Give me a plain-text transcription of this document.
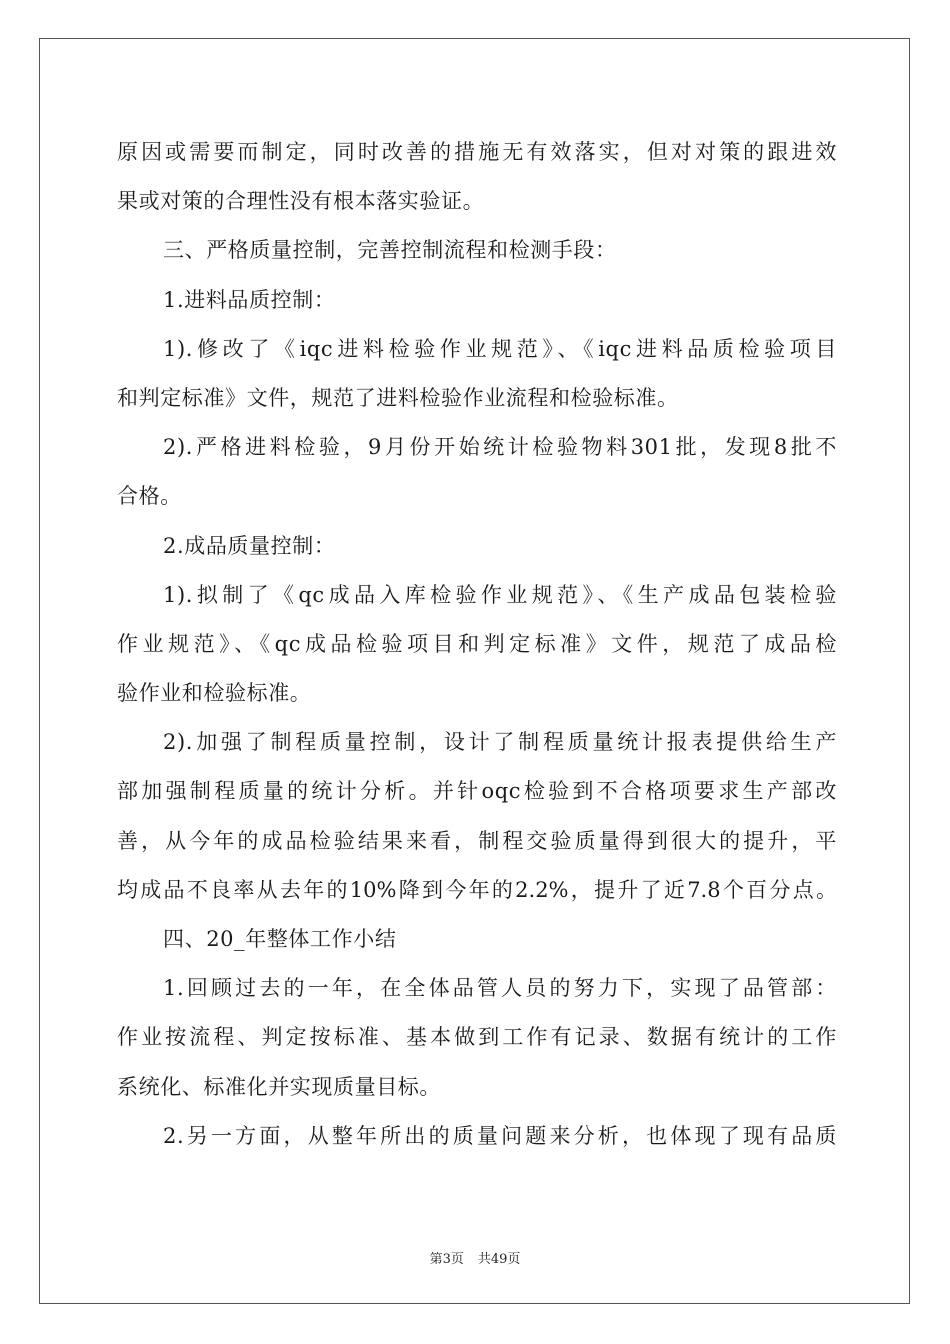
原因或需要而制定，同时改善的措施无有效落实，但对对策的跟进效
果或对策的合理性没有根本落实验证。
三、严格质量控制，完善控制流程和检测手段：
1.进料品质控制：
1).修改了《iqc进料检验作业规范》、《iqc进料品质检验项目
和判定标准》文件，规范了进料检验作业流程和检验标准。
2).严格进料检验，9月份开始统计检验物料301批，发现8批不
合格。
2.成品质量控制：
1).拟制了《qc成品入库检验作业规范》、《生产成品包装检验
作业规范》、《qc成品检验项目和判定标准》文件，规范了成品检
验作业和检验标准。
2).加强了制程质量控制，设计了制程质量统计报表提供给生产
部加强制程质量的统计分析。并针oqc检验到不合格项要求生产部改
善，从今年的成品检验结果来看，制程交验质量得到很大的提升，平
均成品不良率从去年的10%降到今年的2.2%，提升了近7.8个百分点。
四、20_年整体工作小结
1.回顾过去的一年，在全体品管人员的努力下，实现了品管部：
作业按流程、判定按标准、基本做到工作有记录、数据有统计的工作
系统化、标准化并实现质量目标。
2.另一方面，从整年所出的质量问题来分析，也体现了现有品质
第3页 共49页
